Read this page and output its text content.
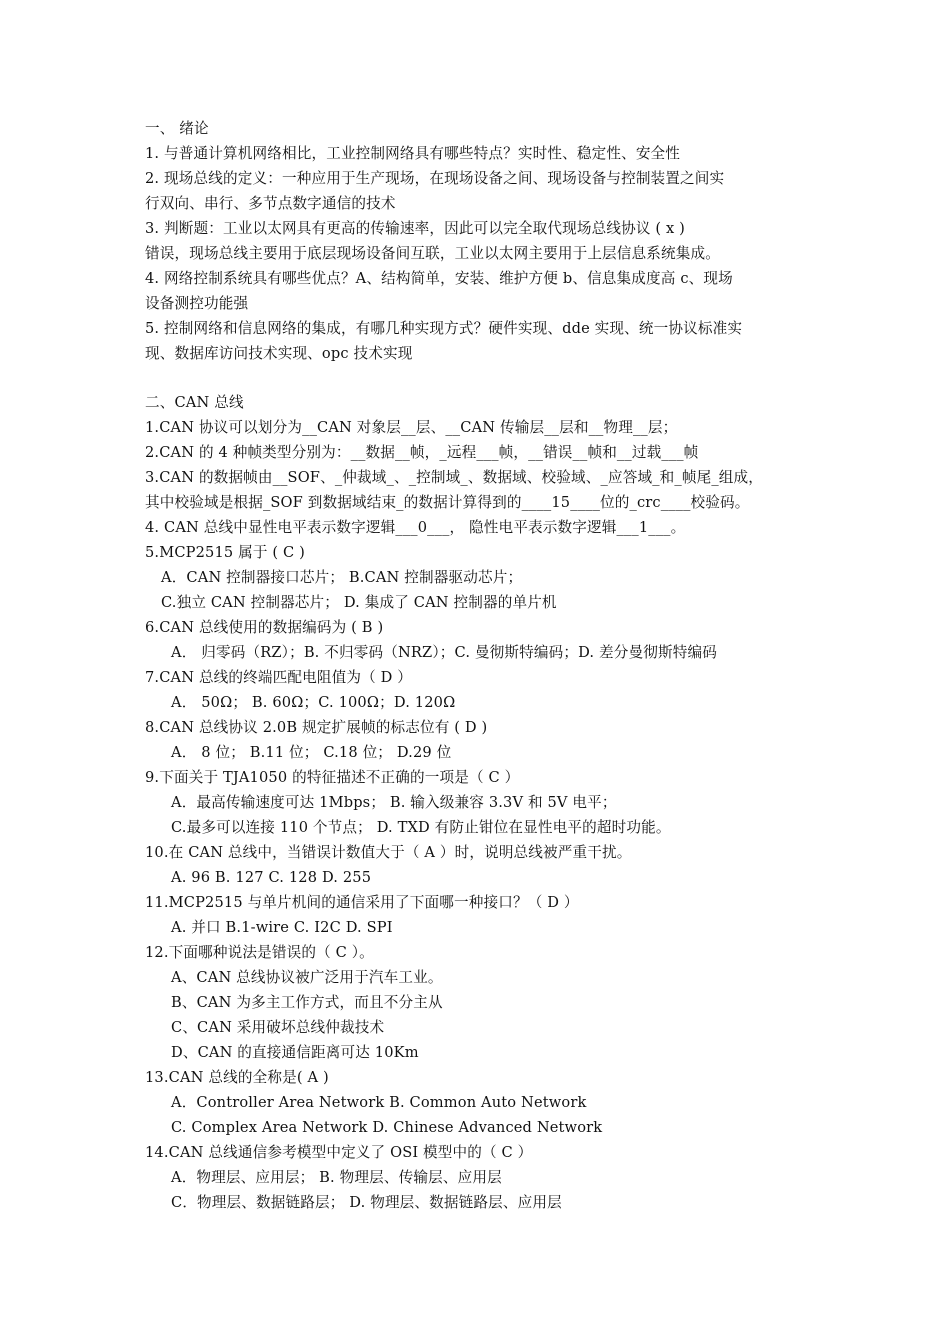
一、 绪论
1. 与普通计算机网络相比，工业控制网络具有哪些特点？实时性、稳定性、安全性
2. 现场总线的定义：一种应用于生产现场，在现场设备之间、现场设备与控制装置之间实
行双向、串行、多节点数字通信的技术
3. 判断题：工业以太网具有更高的传输速率，因此可以完全取代现场总线协议 ( x )
错误，现场总线主要用于底层现场设备间互联，工业以太网主要用于上层信息系统集成。
4. 网络控制系统具有哪些优点？A、结构简单，安装、维护方便 b、信息集成度高 c、现场
设备测控功能强
5. 控制网络和信息网络的集成，有哪几种实现方式？硬件实现、dde 实现、统一协议标准实
现、数据库访问技术实现、opc 技术实现
二、CAN 总线
1.CAN 协议可以划分为__CAN 对象层__层、__CAN 传输层__层和__物理__层；
2.CAN 的 4 种帧类型分别为：__数据__帧，_远程___帧，__错误__帧和__过载___帧
3.CAN 的数据帧由__SOF、_仲裁域_、_控制域_、数据域、校验域、_应答域_和_帧尾_组成，
其中校验域是根据_SOF 到数据域结束_的数据计算得到的____15____位的_crc____校验码。
4. CAN 总线中显性电平表示数字逻辑___0___， 隐性电平表示数字逻辑___1___。
5.MCP2515 属于 ( C )
A．CAN 控制器接口芯片； B.CAN 控制器驱动芯片；
C.独立 CAN 控制器芯片； D. 集成了 CAN 控制器的单片机
6.CAN 总线使用的数据编码为 ( B )
A． 归零码（RZ）；B. 不归零码（NRZ）；C. 曼彻斯特编码；D. 差分曼彻斯特编码
7.CAN 总线的终端匹配电阻值为（ D ）
A． 50Ω； B. 60Ω；C. 100Ω；D. 120Ω
8.CAN 总线协议 2.0B 规定扩展帧的标志位有 ( D )
A． 8 位； B.11 位； C.18 位； D.29 位
9.下面关于 TJA1050 的特征描述不正确的一项是（ C ）
A．最高传输速度可达 1Mbps； B. 输入级兼容 3.3V 和 5V 电平；
C.最多可以连接 110 个节点； D. TXD 有防止钳位在显性电平的超时功能。
10.在 CAN 总线中，当错误计数值大于（ A ）时，说明总线被严重干扰。
A. 96 B. 127 C. 128 D. 255
11.MCP2515 与单片机间的通信采用了下面哪一种接口？（ D ）
A. 并口 B.1-wire C. I2C D. SPI
12.下面哪种说法是错误的（ C ）。
A、CAN 总线协议被广泛用于汽车工业。
B、CAN 为多主工作方式，而且不分主从
C、CAN 采用破坏总线仲裁技术
D、CAN 的直接通信距离可达 10Km
13.CAN 总线的全称是( A )
A．Controller Area Network B. Common Auto Network
C. Complex Area Network D. Chinese Advanced Network
14.CAN 总线通信参考模型中定义了 OSI 模型中的（ C ）
A．物理层、应用层； B. 物理层、传输层、应用层
C．物理层、数据链路层； D. 物理层、数据链路层、应用层
